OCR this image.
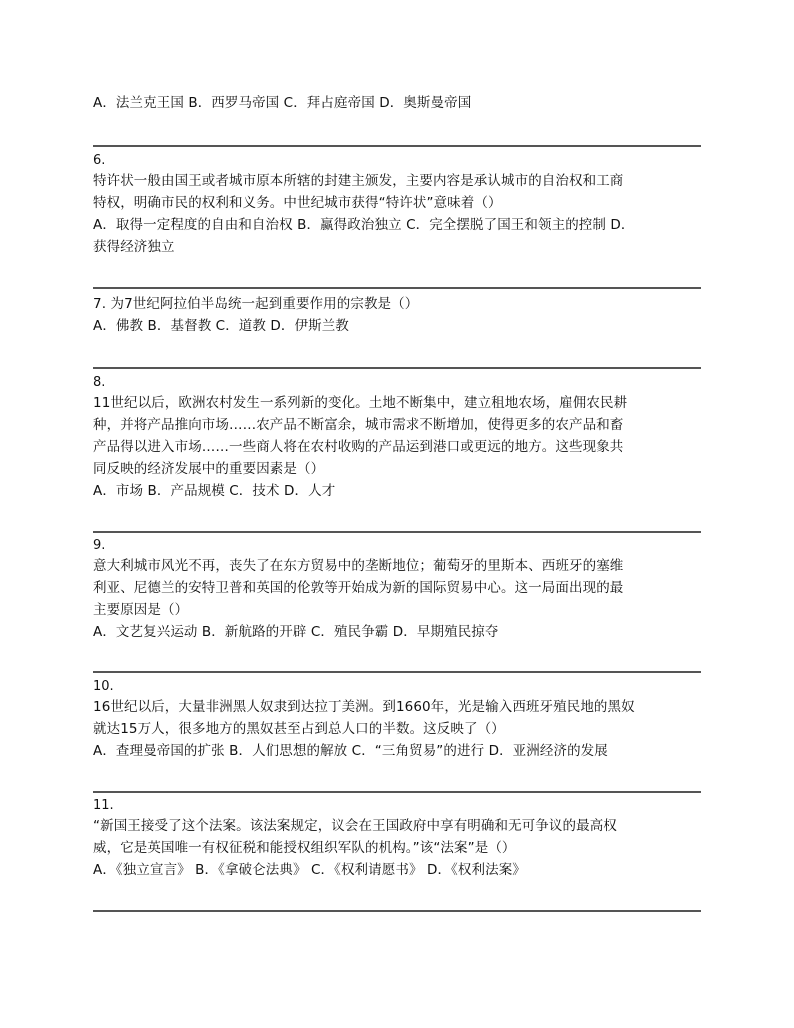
A．法兰克王国 B．西罗马帝国 C．拜占庭帝国 D．奥斯曼帝国
6.
特许状一般由国王或者城市原本所辖的封建主颁发，主要内容是承认城市的自治权和工商
特权，明确市民的权利和义务。中世纪城市获得“特许状”意味着（）
A．取得一定程度的自由和自治权 B．赢得政治独立 C．完全摆脱了国王和领主的控制 D．
获得经济独立
7. 为7世纪阿拉伯半岛统一起到重要作用的宗教是（）
A．佛教 B．基督教 C．道教 D．伊斯兰教
8.
11世纪以后，欧洲农村发生一系列新的变化。土地不断集中，建立租地农场，雇佣农民耕
种，并将产品推向市场……农产品不断富余，城市需求不断增加，使得更多的农产品和畜
产品得以进入市场……一些商人将在农村收购的产品运到港口或更远的地方。这些现象共
同反映的经济发展中的重要因素是（）
A．市场 B．产品规模 C．技术 D．人才
9.
意大利城市风光不再，丧失了在东方贸易中的垄断地位；葡萄牙的里斯本、西班牙的塞维
利亚、尼德兰的安特卫普和英国的伦敦等开始成为新的国际贸易中心。这一局面出现的最
主要原因是（）
A．文艺复兴运动 B．新航路的开辟 C．殖民争霸 D．早期殖民掠夺
10.
16世纪以后，大量非洲黑人奴隶到达拉丁美洲。到1660年，光是输入西班牙殖民地的黑奴
就达15万人，很多地方的黑奴甚至占到总人口的半数。这反映了（）
A．查理曼帝国的扩张 B．人们思想的解放 C．“三角贸易”的进行 D．亚洲经济的发展
11.
“新国王接受了这个法案。该法案规定，议会在王国政府中享有明确和无可争议的最高权
威，它是英国唯一有权征税和能授权组织军队的机构。”该“法案”是（）
A．《独立宣言》 B．《拿破仑法典》 C．《权利请愿书》 D．《权利法案》
